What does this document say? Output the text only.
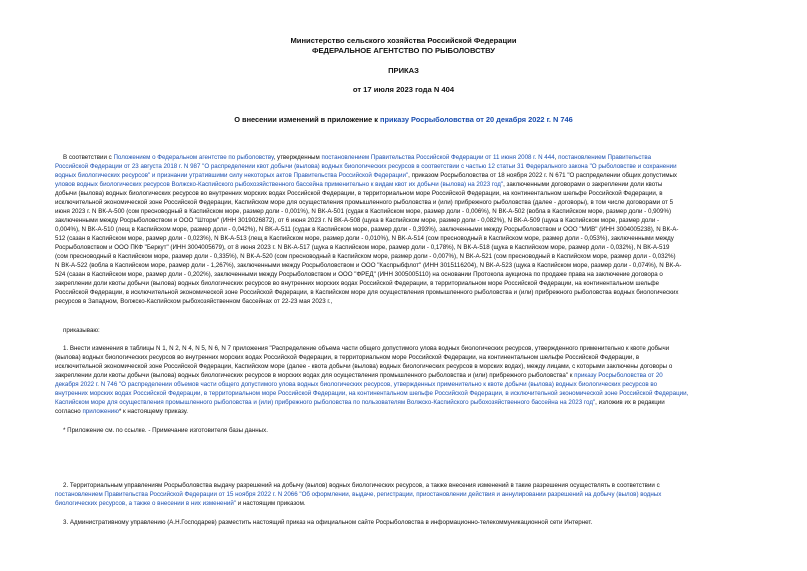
Министерство сельского хозяйства Российской Федерации
ФЕДЕРАЛЬНОЕ АГЕНТСТВО ПО РЫБОЛОВСТВУ
ПРИКАЗ
от 17 июля 2023 года N 404
О внесении изменений в приложение к приказу Росрыболовства от 20 декабря 2022 г. N 746
В соответствии с Положением о Федеральном агентстве по рыболовству, утвержденным постановлением Правительства Российской Федерации от 11 июня 2008 г. N 444, постановлением Правительства
Российской Федерации от 23 августа 2018 г. N 987 "О распределении квот добычи (вылова) водных биологических ресурсов в соответствии с частью 12 статьи 31 Федерального закона "О рыболовстве и сохранении
водных биологических ресурсов" и признании утратившими силу некоторых актов Правительства Российской Федерации", приказом Росрыболовства от 18 ноября 2022 г. N 671 "О распределении общих допустимых
уловов водных биологических ресурсов Волжско-Каспийского рыбохозяйственного бассейна применительно к видам квот их добычи (вылова) на 2023 год", заключенными договорами о закреплении доли квоты
добычи (вылова) водных биологических ресурсов во внутренних морских водах Российской Федерации, в территориальном море Российской Федерации, на континентальном шельфе Российской Федерации, в
исключительной экономической зоне Российской Федерации, Каспийском море для осуществления промышленного рыболовства и (или) прибрежного рыболовства (далее - договоры), в том числе договорами от 5
июня 2023 г. N ВК-А-500 (сом пресноводный в Каспийском море, размер доли - 0,001%), N ВК-А-501 (судак в Каспийском море, размер доли - 0,006%), N ВК-А-502 (вобла в Каспийском море, размер доли - 0,909%)
заключенными между Росрыболовством и ООО "Шторм" (ИНН 3019026872), от 6 июня 2023 г. N ВК-А-508 (щука в Каспийском море, размер доли - 0,082%), N ВК-А-509 (щука в Каспийском море, размер доли -
0,004%), N ВК-А-510 (лещ в Каспийском море, размер доли - 0,042%), N ВК-А-511 (судак в Каспийском море, размер доли - 0,393%), заключенными между Росрыболовством и ООО "МИВ" (ИНН 3004005238), N ВК-А-
512 (сазан в Каспийском море, размер доли - 0,023%), N ВК-А-513 (лещ в Каспийском море, размер доли - 0,010%), N ВК-А-514 (сом пресноводный в Каспийском море, размер доли - 0,053%), заключенными между
Росрыболовством и ООО ПКФ "Беркут" (ИНН 3004005679), от 8 июня 2023 г. N ВК-А-517 (щука в Каспийском море, размер доли - 0,178%), N ВК-А-518 (щука в Каспийском море, размер доли - 0,032%), N ВК-А-519
(сом пресноводный в Каспийском море, размер доли - 0,335%), N ВК-А-520 (сом пресноводный в Каспийском море, размер доли - 0,007%), N ВК-А-521 (сом пресноводный в Каспийском море, размер доли - 0,032%)
N ВК-А-522 (вобла в Каспийском море, размер доли - 1,267%), заключенными между Росрыболовством и ООО "Каспрыбфлот" (ИНН 3015116204), N ВК-А-523 (щука в Каспийском море, размер доли - 0,074%), N ВК-А-
524 (сазан в Каспийском море, размер доли - 0,202%), заключенными между Росрыболовством и ООО "ФРЕД" (ИНН 3005005110) на основании Протокола аукциона по продаже права на заключение договора о
закреплении доли квоты добычи (вылова) водных биологических ресурсов во внутренних морских водах Российской Федерации, в территориальном море Российской Федерации, на континентальном шельфе
Российской Федерации, в исключительной экономической зоне Российской Федерации, в Каспийском море для осуществления промышленного рыболовства и (или) прибрежного рыболовства водных биологических
ресурсов в Западном, Волжско-Каспийском рыбохозяйственном бассейнах от 22-23 мая 2023 г.,
приказываю:
1. Внести изменения в таблицы N 1, N 2, N 4, N 5, N 6, N 7 приложения "Распределение объема части общего допустимого улова водных биологических ресурсов, утвержденного применительно к квоте добычи
(вылова) водных биологических ресурсов во внутренних морских водах Российской Федерации, в территориальном море Российской Федерации, на континентальном шельфе Российской Федерации, в
исключительной экономической зоне Российской Федерации, Каспийском море (далее - квота добычи (вылова) водных биологических ресурсов в морских водах), между лицами, с которыми заключены договоры о
закреплении доли квоты добычи (вылова) водных биологических ресурсов в морских водах для осуществления промышленного рыболовства и (или) прибрежного рыболовства" к приказу Росрыболовства от 20
декабря 2022 г. N 746 "О распределении объемов части общего допустимого улова водных биологических ресурсов, утвержденных применительно к квоте добычи (вылова) водных биологических ресурсов во
внутренних морских водах Российской Федерации, в территориальном море Российской Федерации, на континентальном шельфе Российской Федерации, в исключительной экономической зоне Российской Федерации,
Каспийском море для осуществления промышленного рыболовства и (или) прибрежного рыболовства по пользователям Волжско-Каспийского рыбохозяйственного бассейна на 2023 год", изложив их в редакции
согласно приложению* к настоящему приказу.
* Приложение см. по ссылке. - Примечание изготовителя базы данных.
2. Территориальным управлениям Росрыболовства выдачу разрешений на добычу (вылов) водных биологических ресурсов, а также внесения изменений в такие разрешения осуществлять в соответствии с
постановлением Правительства Российской Федерации от 15 ноября 2022 г. N 2066 "Об оформлении, выдаче, регистрации, приостановлении действия и аннулировании разрешений на добычу (вылов) водных
биологических ресурсов, а также о внесении в них изменений" и настоящим приказом.
3. Административному управлению (А.Н.Господарев) разместить настоящий приказ на официальном сайте Росрыболовства в информационно-телекоммуникационной сети Интернет.
